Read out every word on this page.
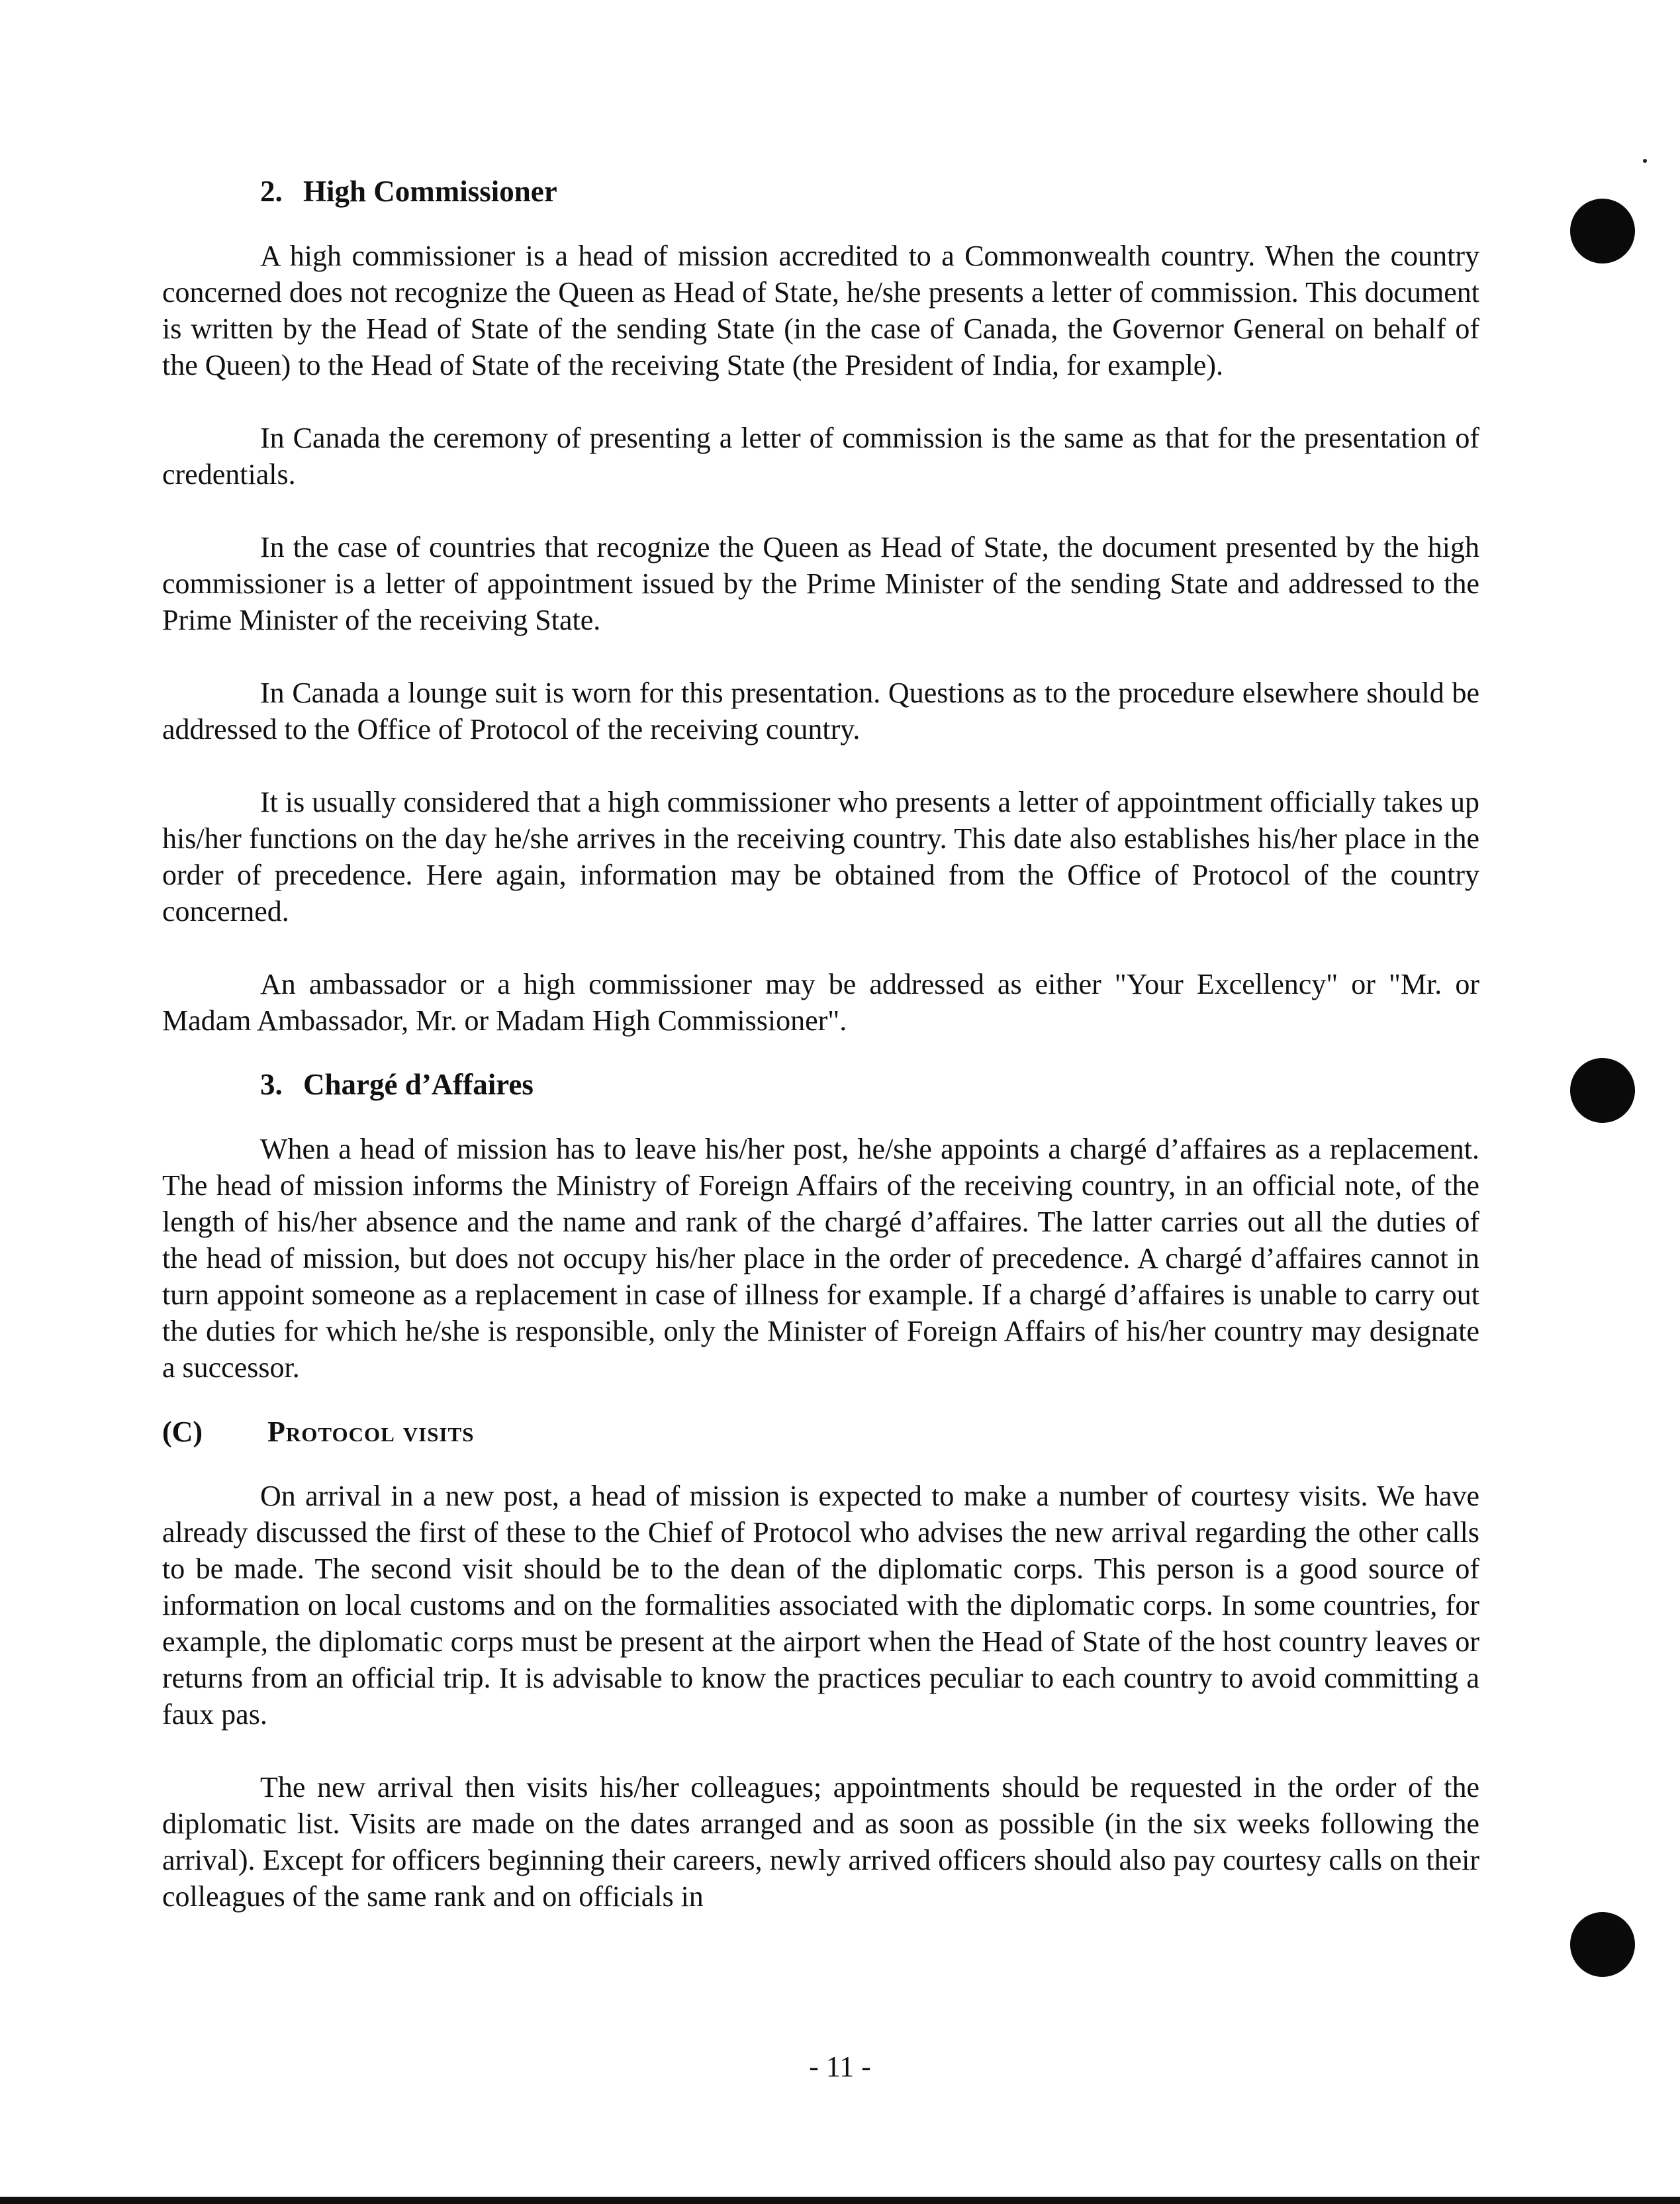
2. High Commissioner

A high commissioner is a head of mission accredited to a Commonwealth country. When the country concerned does not recognize the Queen as Head of State, he/she presents a letter of commission. This document is written by the Head of State of the sending State (in the case of Canada, the Governor General on behalf of the Queen) to the Head of State of the receiving State (the President of India, for example).

In Canada the ceremony of presenting a letter of commission is the same as that for the presentation of credentials.

In the case of countries that recognize the Queen as Head of State, the document presented by the high commissioner is a letter of appointment issued by the Prime Minister of the sending State and addressed to the Prime Minister of the receiving State.

In Canada a lounge suit is worn for this presentation. Questions as to the procedure elsewhere should be addressed to the Office of Protocol of the receiving country.

It is usually considered that a high commissioner who presents a letter of appointment officially takes up his/her functions on the day he/she arrives in the receiving country. This date also establishes his/her place in the order of precedence. Here again, information may be obtained from the Office of Protocol of the country concerned.

An ambassador or a high commissioner may be addressed as either "Your Excellency" or "Mr. or Madam Ambassador, Mr. or Madam High Commissioner".

3. Chargé d’Affaires

When a head of mission has to leave his/her post, he/she appoints a chargé d’affaires as a replacement. The head of mission informs the Ministry of Foreign Affairs of the receiving country, in an official note, of the length of his/her absence and the name and rank of the chargé d’affaires. The latter carries out all the duties of the head of mission, but does not occupy his/her place in the order of precedence. A chargé d’affaires cannot in turn appoint someone as a replacement in case of illness for example. If a chargé d’affaires is unable to carry out the duties for which he/she is responsible, only the Minister of Foreign Affairs of his/her country may designate a successor.

(C) Protocol visits

On arrival in a new post, a head of mission is expected to make a number of courtesy visits. We have already discussed the first of these to the Chief of Protocol who advises the new arrival regarding the other calls to be made. The second visit should be to the dean of the diplomatic corps. This person is a good source of information on local customs and on the formalities associated with the diplomatic corps. In some countries, for example, the diplomatic corps must be present at the airport when the Head of State of the host country leaves or returns from an official trip. It is advisable to know the practices peculiar to each country to avoid committing a faux pas.

The new arrival then visits his/her colleagues; appointments should be requested in the order of the diplomatic list. Visits are made on the dates arranged and as soon as possible (in the six weeks following the arrival). Except for officers beginning their careers, newly arrived officers should also pay courtesy calls on their colleagues of the same rank and on officials in

- 11 -
